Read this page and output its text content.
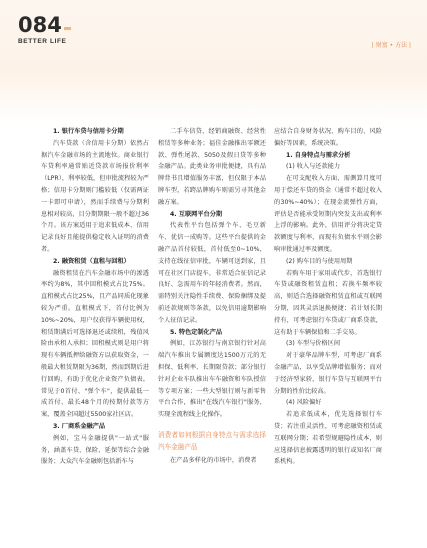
084
BETTER LIFE
| 财富 • 方法 |

1. 银行车贷与信用卡分期

汽车贷款（含信用卡分期）依然占据汽车金融市场的主流地位。商业银行车贷利率通常贴近贷款市场报价利率（LPR），利率较低，但审批流程较为严格；信用卡分期则门槛较低（仅需两证一卡即可申请），然而手续费与分期利息相对较高，目分期期限一般不超过36个月。该方案适用于追求低成本、信用记录良好且能提供稳定收入证明的消费者。

2. 融资租赁（直租与回租）

融资租赁在汽车金融市场中的渗透率约为8%，其中回租模式占比75%。直租模式占比25%，且产品同质化现象较为严重。直租模式下，首付比例为10%~20%，用户仅获得车辆使用权，租赁期满后可选择退还或续租，残值风险由承租人承担；回租模式则是用户将现有车辆抵押给融资方以获取资金，一般最大租赁期限为36期，然而到期后进行回购，有助于优化企业资产负债表。常见于0首付、"弹个车"，提供最低一成首付、最长48个月的按期付款等方案，覆盖全国超过5500家社区店。

3. 厂商系金融产品

例如，宝马金融提供"一站式"服务，涵盖车贷、保险、延保等综合金融服务；大众汽车金融则包括新车与

二手车信贷、经销商融资、经营性租赁等多种业务；福佳金融推出零额还款、弹性尾款、5050及假日贷等多种金融产品。此类业务审批便捷，具有品牌背书且增值服务丰富，但仅限于本品牌车型，若跨品牌购车则需另寻其他金融方案。

4. 互联网平台分期

代表性平台包括弹个车、毛豆新车、优信一成购等。这些平台提供的金融产品首付较低，首付低至0~10%，支持在线征信审批，车辆可送到家，且可在社区门店提车，非常适合征信记录良好、急需用车的年轻消费者。然而，需特别关注隐性手续费、保险捆绑及提前还款规则等条款，以免信用逾期影响个人征信记录。

5. 特色定制化产品

例如，江苏银行与南京银行针对高端汽车推出专属额度达1500万元的无担保、低利率、长期限贷款；部分银行针对企业车队推出车车融资和车队授信等专项方案；一些大型银行则与新零售平台合作，推出"在线汽车银行"服务，实现全流程线上化操作。

消费者如何根据自身特点与需求选择汽车金融产品

在产品多样化的市场中，消费者

应结合自身财务状况、购车目的、风险偏好等因素，系统决策。

1. 自身特点与需求分析

(1) 收入与还款能力

在可支配收入方面，需测算月度可用于偿还车贷的资金（通常不超过收入的30%~40%）；在现金流弹性方面，评估是否能承受短期内突发支出或利率上浮的影响。此外，信用评分将决定贷款额度与利率，而现有负债水平则会影响审批通过率及额度。

(2) 购车目的与使用周期

若购车用于家用或代步，首选银行车贷或融资租赁直租；若换车频率较高，则适合选择融资租赁直租或互联网分期，因其灵活退换便捷；若计划长期持有，可考虑银行车贷或厂商系贷款，这有助于车辆保值和二手交易。

(3) 车型与价格区间

对于豪华品牌车型，可考虑厂商系金融产品，以享受品牌增值服务；而对于经济型家轿，银行车贷与互联网平台分期的性价比较高。

(4) 风险偏好

若追求低成本，优先选择银行车贷；若注重灵活性，可考虑融资租赁或互联网分期；若希望规避隐性成本，则应选择信息披露透明的银行或知名厂商系机构。
